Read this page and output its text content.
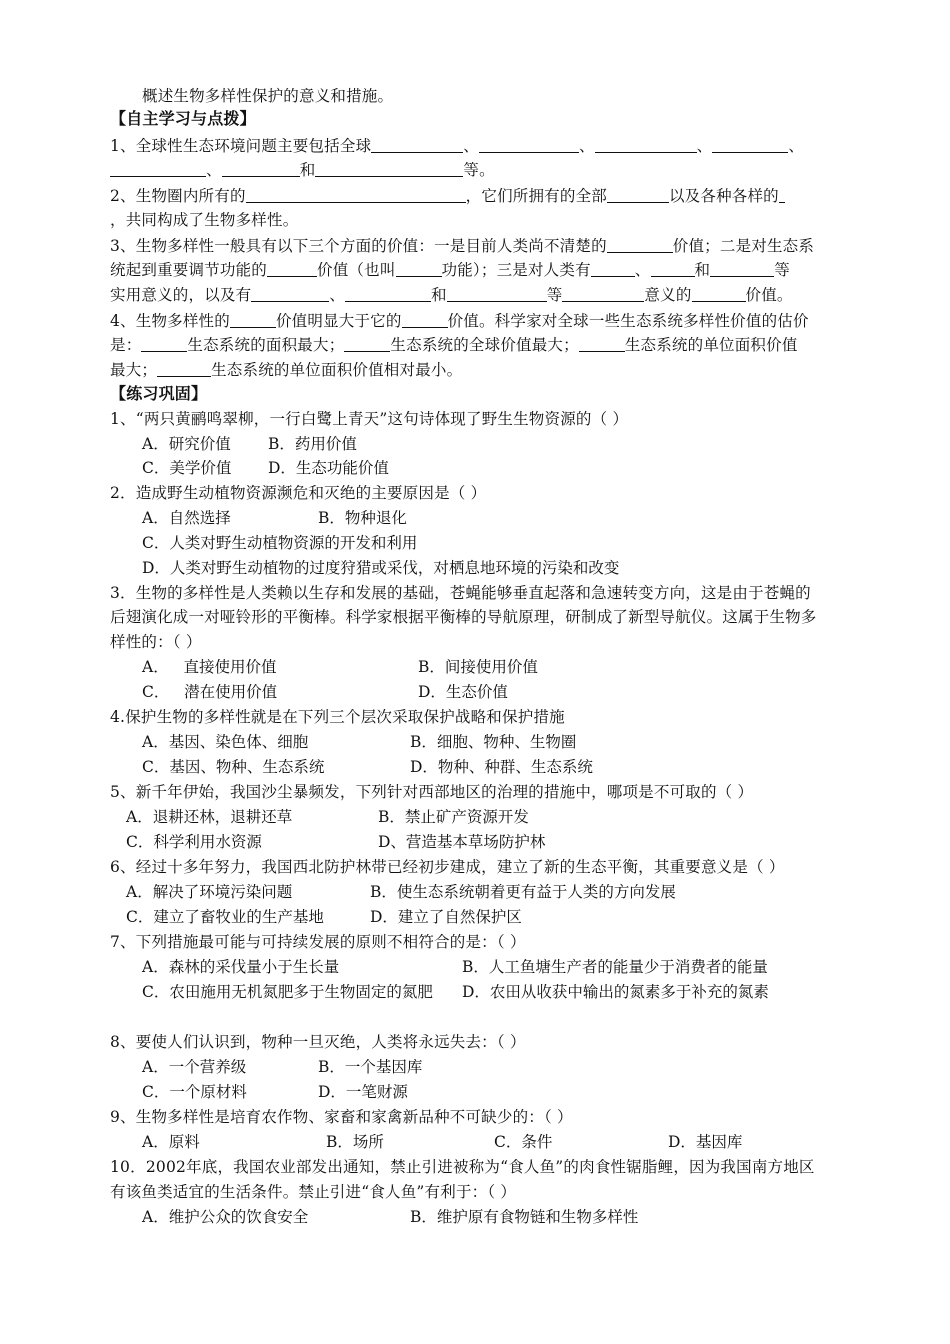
概述生物多样性保护的意义和措施。
【自主学习与点拨】
1、全球性生态环境问题主要包括全球	、	、	、	、
、	和	等。
2、生物圈内所有的	，它们所拥有的全部	以及各种各样的
，共同构成了生物多样性。
3、生物多样性一般具有以下三个方面的价值：一是目前人类尚不清楚的	价值；二是对生态系
统起到重要调节功能的	价值（也叫	功能）；三是对人类有	、	和	等
实用意义的，以及有	、	和	等	意义的	价值。
4、生物多样性的	价值明显大于它的	价值。科学家对全球一些生态系统多样性价值的估价
是：	生态系统的面积最大；	生态系统的全球价值最大；	生态系统的单位面积价值
最大；	生态系统的单位面积价值相对最小。
【练习巩固】
1、“两只黄鹂鸣翠柳，一行白鹭上青天”这句诗体现了野生生物资源的（ ）
A．研究价值 B．药用价值
C．美学价值 D．生态功能价值
2．造成野生动植物资源濒危和灭绝的主要原因是（ ）
A．自然选择	B．物种退化
C．人类对野生动植物资源的开发和利用
D．人类对野生动植物的过度狩猎或采伐，对栖息地环境的污染和改变
3．生物的多样性是人类赖以生存和发展的基础，苍蝇能够垂直起落和急速转变方向，这是由于苍蝇的
后翅演化成一对哑铃形的平衡棒。科学家根据平衡棒的导航原理，研制成了新型导航仪。这属于生物多
样性的：（ ）
A．   直接使用价值	B．间接使用价值
C．   潜在使用价值	D．生态价值
4.保护生物的多样性就是在下列三个层次采取保护战略和保护措施
A．基因、染色体、细胞	B．细胞、物种、生物圈
C．基因、物种、生态系统	D．物种、种群、生态系统
5、新千年伊始，我国沙尘暴频发，下列针对西部地区的治理的措施中，哪项是不可取的（ ）
A．退耕还林，退耕还草	B．禁止矿产资源开发
C．科学利用水资源	D、营造基本草场防护林
6、经过十多年努力，我国西北防护林带已经初步建成，建立了新的生态平衡，其重要意义是（ ）
A．解决了环境污染问题	B．使生态系统朝着更有益于人类的方向发展
C．建立了畜牧业的生产基地	D．建立了自然保护区
7、下列措施最可能与可持续发展的原则不相符合的是：（ ）
A．森林的采伐量小于生长量	B．人工鱼塘生产者的能量少于消费者的能量
C．农田施用无机氮肥多于生物固定的氮肥 D．农田从收获中输出的氮素多于补充的氮素
8、要使人们认识到，物种一旦灭绝，人类将永远失去：（ ）
A．一个营养级	B．一个基因库
C．一个原材料	D．一笔财源
9、生物多样性是培育农作物、家畜和家禽新品种不可缺少的：（ ）
A．原料	B．场所	C．条件	D．基因库
10．2002年底，我国农业部发出通知，禁止引进被称为“食人鱼”的肉食性锯脂鲤，因为我国南方地区
有该鱼类适宜的生活条件。禁止引进“食人鱼”有利于：（ ）
A．维护公众的饮食安全	B．维护原有食物链和生物多样性
